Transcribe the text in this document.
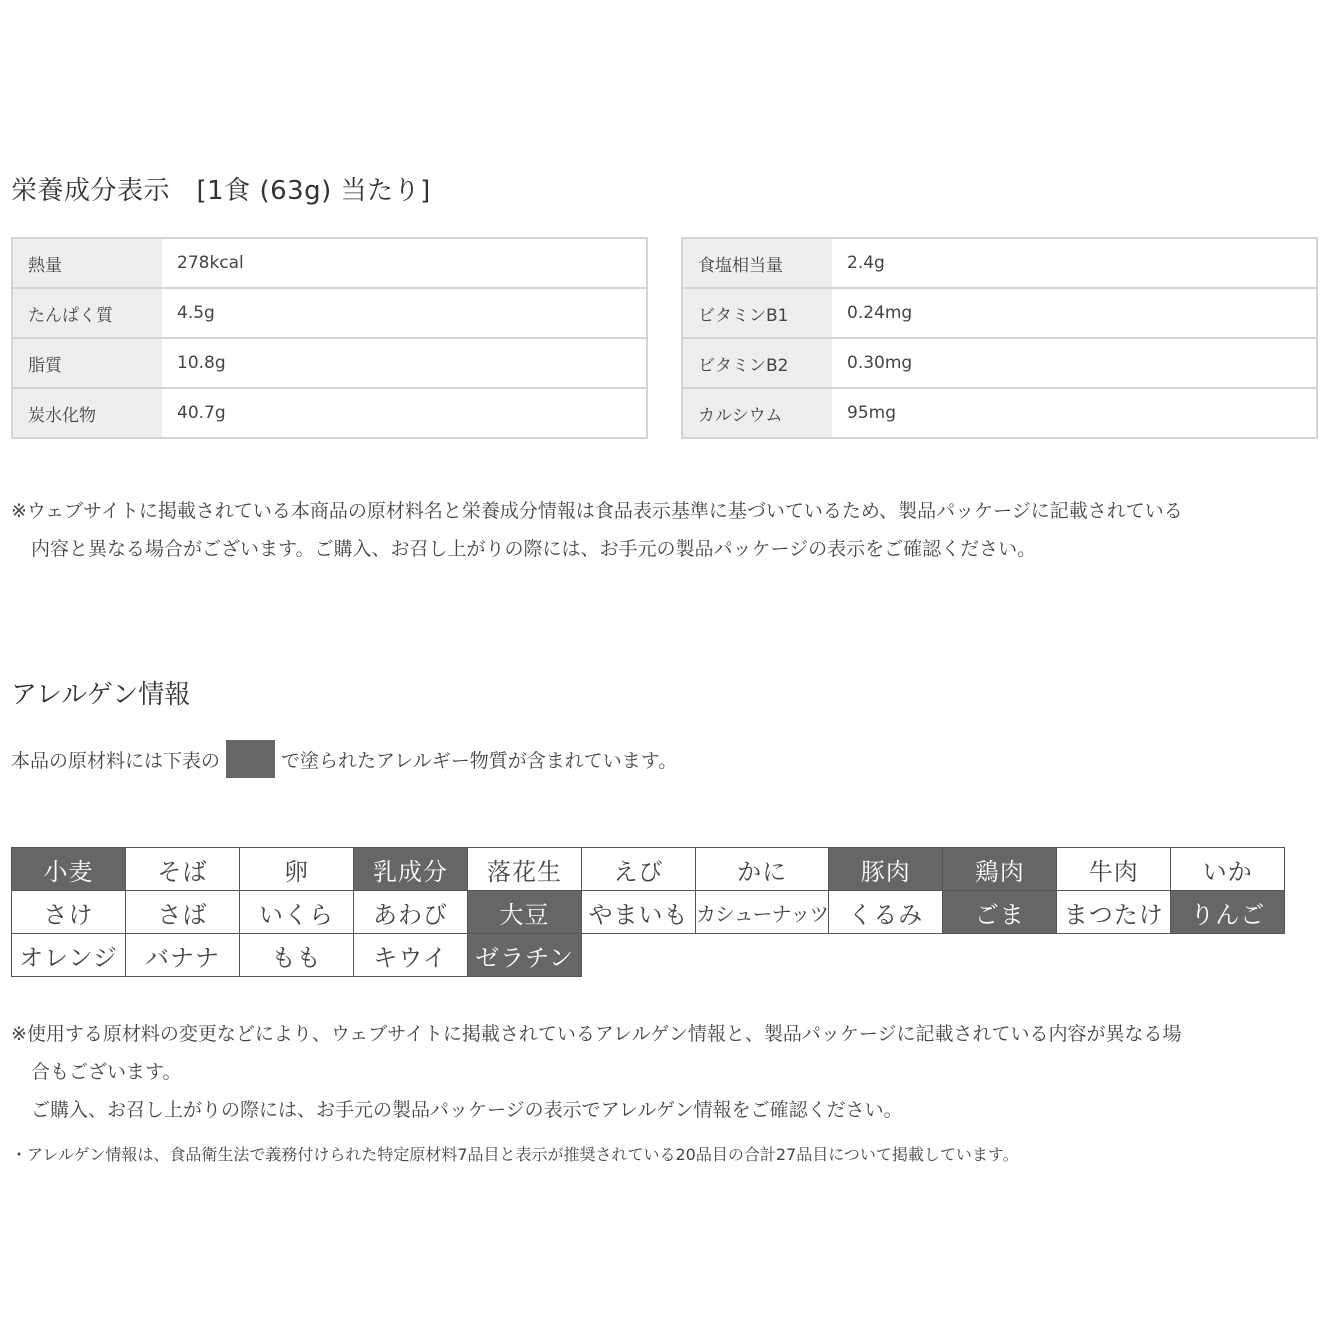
栄養成分表示　[1食 (63g) 当たり]
熱量	278kcal
たんぱく質	4.5g
脂質	10.8g
炭水化物	40.7g
食塩相当量	2.4g
ビタミンB1	0.24mg
ビタミンB2	0.30mg
カルシウム	95mg
※ウェブサイトに掲載されている本商品の原材料名と栄養成分情報は食品表示基準に基づいているため、製品パッケージに記載されている
内容と異なる場合がございます。ご購入、お召し上がりの際には、お手元の製品パッケージの表示をご確認ください。
アレルゲン情報
本品の原材料には下表の	で塗られたアレルギー物質が含まれています。
小麦	そば	卵	乳成分	落花生	えび	かに	豚肉	鶏肉	牛肉	いか
さけ	さば	いくら	あわび	大豆	やまいも	カシューナッツ	くるみ	ごま	まつたけ	りんご
オレンジ	バナナ	もも	キウイ	ゼラチン						
※使用する原材料の変更などにより、ウェブサイトに掲載されているアレルゲン情報と、製品パッケージに記載されている内容が異なる場
合もございます。
ご購入、お召し上がりの際には、お手元の製品パッケージの表示でアレルゲン情報をご確認ください。
・アレルゲン情報は、食品衛生法で義務付けられた特定原材料7品目と表示が推奨されている20品目の合計27品目について掲載しています。
